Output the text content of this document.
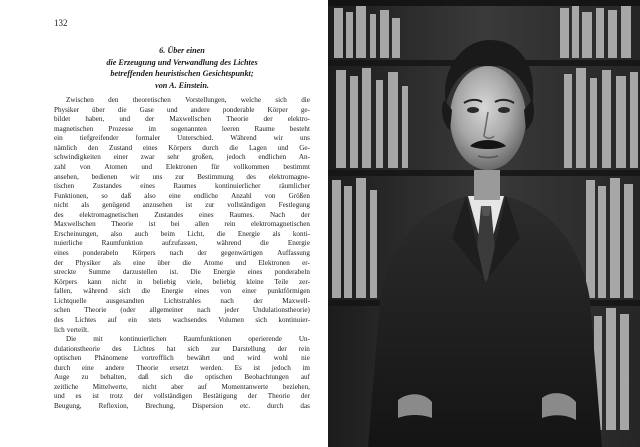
132
6. Über einen
die Erzeugung und Verwandlung des Lichtes
betreffenden heuristischen Gesichtspunkt;
von A. Einstein.
Zwischen den theoretischen Vorstellungen, welche sich die
Physiker über die Gase und andere ponderable Körper ge-
bildet haben, und der Maxwellschen Theorie der elektro-
magnetischen Prozesse im sogenannten leeren Raume besteht
ein tiefgreifender formaler Unterschied. Während wir uns
nämlich den Zustand eines Körpers durch die Lagen und Ge-
schwindigkeiten einer zwar sehr großen, jedoch endlichen An-
zahl von Atomen und Elektronen für vollkommen bestimmt
ansehen, bedienen wir uns zur Bestimmung des elektromagne-
tischen	Zustandes	eines	Raumes	kontinuierlicher	räumlicher
Funktionen, so daß also eine endliche Anzahl von Größen
nicht als genügend anzusehen ist zur vollständigen Festlegung
des elektromagnetischen Zustandes eines Raumes. Nach der
Maxwellschen Theorie ist bei allen rein elektromagnetischen
Erscheinungen, also auch beim Licht, die Energie als konti-
nuierliche	Raumfunktion	aufzufassen,	während	die	Energie
eines ponderabeln Körpers nach der gegenwärtigen Auffassung
der Physiker als eine über die Atome und Elektronen er-
streckte Summe darzustellen ist. Die Energie eines ponderabeln
Körpers kann nicht in beliebig viele, beliebig kleine Teile zer-
fallen, während sich die Energie eines von einer punktförmigen
Lichtquelle	ausgesandten	Lichtstrahles	nach	der	Maxwell-
schen Theorie (oder allgemeiner nach jeder Undulationstheorie)
des Lichtes auf ein stets wachsendes Volumen sich kontinuier-
lich verteilt.
Die mit kontinuierlichen Raumfunktionen operierende Un-
dulationstheorie des Lichtes hat sich zur Darstellung der rein
optischen Phänomene vortrefflich bewährt und wird wohl nie
durch eine andere Theorie ersetzt werden. Es ist jedoch im
Auge zu behalten, daß sich die optischen Beobachtungen auf
zeitliche Mittelwerte, nicht aber auf Momentanwerte beziehen,
und es ist trotz der vollständigen Bestätigung der Theorie der
Beugung, Reflexion, Brechung, Dispersion etc. durch das
